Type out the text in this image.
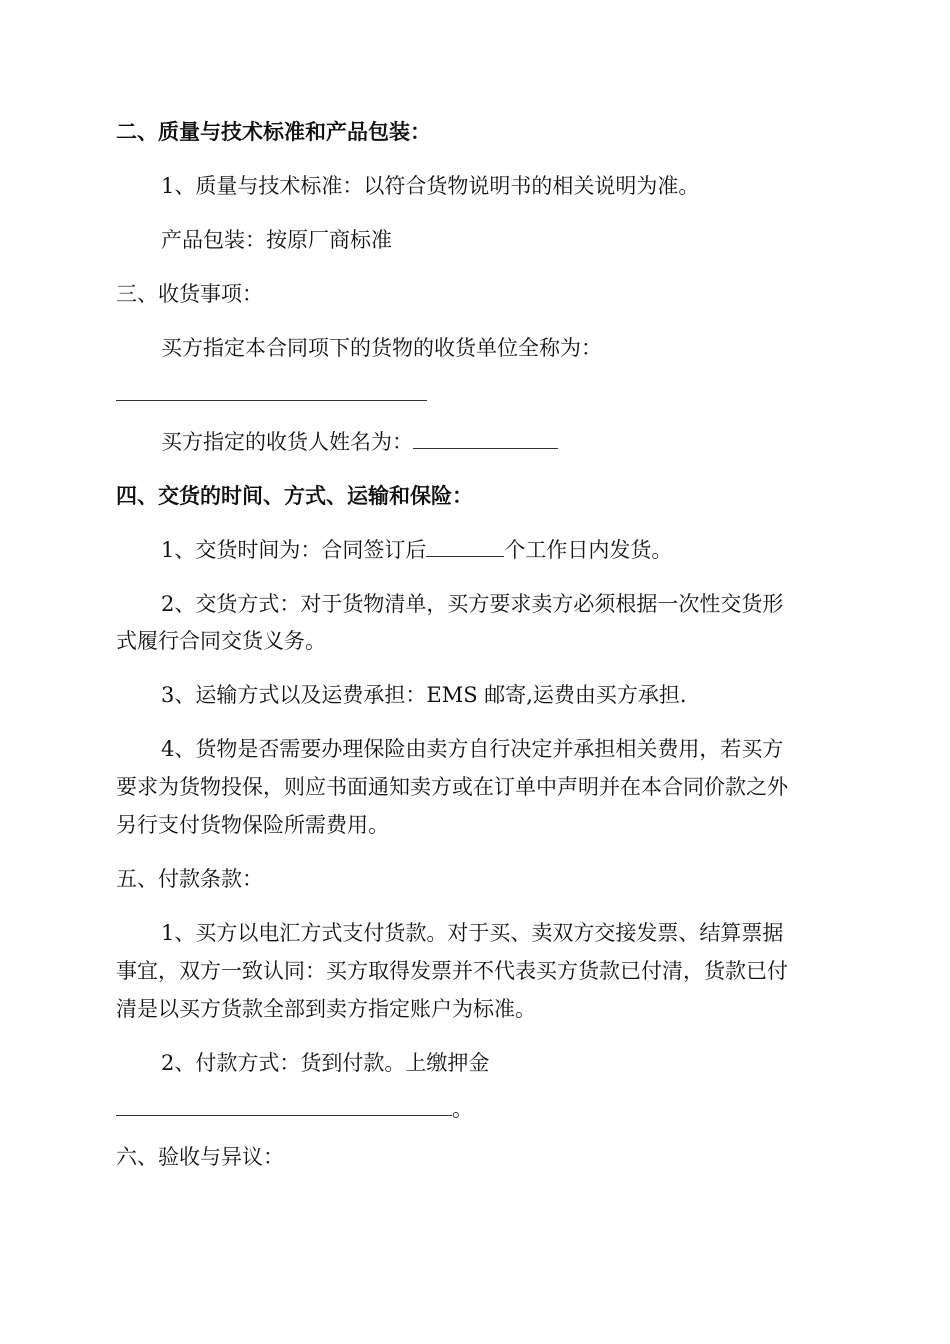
二、质量与技术标准和产品包装：
1、质量与技术标准：以符合货物说明书的相关说明为准。
产品包装：按原厂商标准
三、收货事项：
买方指定本合同项下的货物的收货单位全称为：
买方指定的收货人姓名为：
四、交货的时间、方式、运输和保险：
1、交货时间为：合同签订后	个工作日内发货。
2、交货方式：对于货物清单，买方要求卖方必须根据一次性交货形
式履行合同交货义务。
3、运输方式以及运费承担：EMS 邮寄,运费由买方承担.
4、货物是否需要办理保险由卖方自行决定并承担相关费用，若买方
要求为货物投保，则应书面通知卖方或在订单中声明并在本合同价款之外
另行支付货物保险所需费用。
五、付款条款：
1、买方以电汇方式支付货款。对于买、卖双方交接发票、结算票据
事宜，双方一致认同：买方取得发票并不代表买方货款已付清，货款已付
清是以买方货款全部到卖方指定账户为标准。
2、付款方式：货到付款。上缴押金
。
六、验收与异议：
